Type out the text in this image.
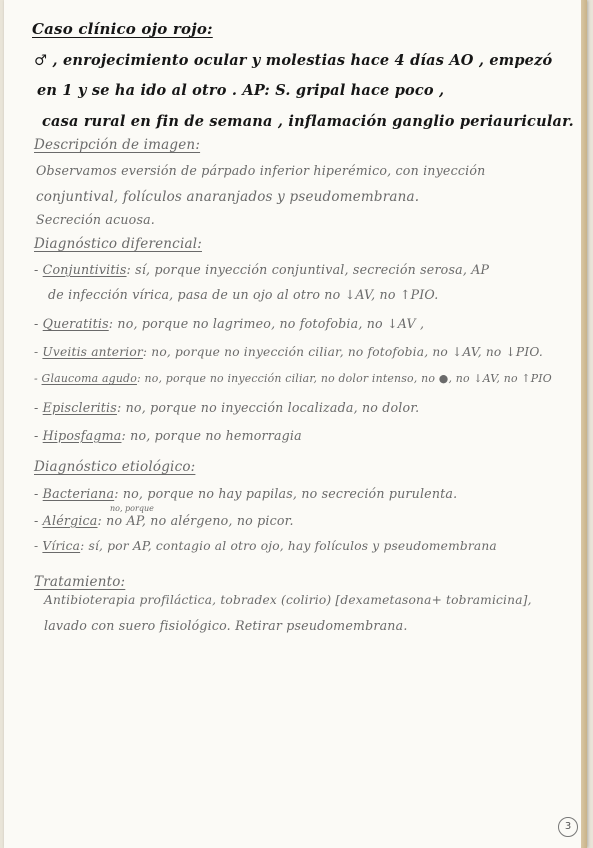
Caso clínico ojo rojo:
♂ , enrojecimiento ocular y molestias hace 4 días AO , empezó
en 1 y se ha ido al otro . AP: S. gripal hace poco ,
casa rural en fin de semana , inflamación ganglio periauricular.
Descripción de imagen:
Observamos eversión de párpado inferior hiperémico, con inyección
conjuntival, folículos anaranjados y pseudomembrana.
Secreción acuosa.
Diagnóstico diferencial:
- Conjuntivitis: sí, porque inyección conjuntival, secreción serosa, AP
de infección vírica, pasa de un ojo al otro no ↓AV, no ↑PIO.
- Queratitis: no, porque no lagrimeo, no fotofobia, no ↓AV ,
- Uveitis anterior: no, porque no inyección ciliar, no fotofobia, no ↓AV, no ↓PIO.
- Glaucoma agudo: no, porque no inyección ciliar, no dolor intenso, no ●, no ↓AV, no ↑PIO
- Episcleritis: no, porque no inyección localizada, no dolor.
- Hiposfagma: no, porque no hemorragia
Diagnóstico etiológico:
- Bacteriana: no, porque no hay papilas, no secreción purulenta.
no, porque
- Alérgica: no AP, no alérgeno, no picor.
- Vírica: sí, por AP, contagio al otro ojo, hay folículos y pseudomembrana
Tratamiento:
Antibioterapia profiláctica, tobradex (colirio) [dexametasona+ tobramicina],
lavado con suero fisiológico. Retirar pseudomembrana.
3
